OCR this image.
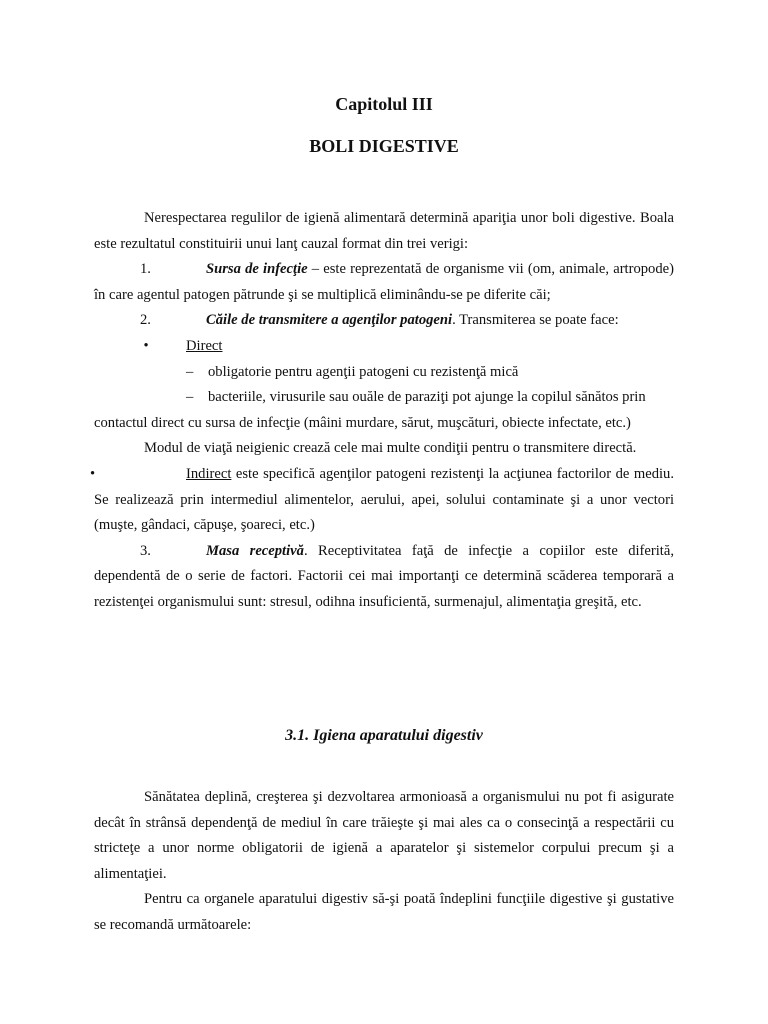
Capitolul III
BOLI DIGESTIVE

Nerespectarea regulilor de igienă alimentară determină apariţia unor boli digestive. Boala este rezultatul constituirii unui lanţ cauzal format din trei verigi:

1.	Sursa de infecţie – este reprezentată de organisme vii (om, animale, artropode) în care agentul patogen pătrunde şi se multiplică eliminându-se pe diferite căi;

2.	Căile de transmitere a agenţilor patogeni. Transmiterea se poate face:

•	Direct

– obligatorie pentru agenţii patogeni cu rezistenţă mică

– bacteriile, virusurile sau ouăle de paraziţi pot ajunge la copilul sănătos prin

contactul direct cu sursa de infecţie (mâini murdare, sărut, muşcături, obiecte infectate, etc.)

Modul de viaţă neigienic crează cele mai multe condiţii pentru o transmitere directă.

•	Indirect este specifică agenţilor patogeni rezistenţi la acţiunea factorilor de mediu. Se realizează prin intermediul alimentelor, aerului, apei, solului contaminate şi a unor vectori (muşte, gândaci, căpuşe, şoareci, etc.)

3.	Masa receptivă. Receptivitatea faţă de infecţie a copiilor este diferită, dependentă de o serie de factori. Factorii cei mai importanţi ce determină scăderea temporară a rezistenţei organismului sunt: stresul, odihna insuficientă, surmenajul, alimentaţia greşită, etc.

3.1. Igiena aparatului digestiv

Sănătatea deplină, creşterea şi dezvoltarea armonioasă a organismului nu pot fi asigurate decât în strânsă dependenţă de mediul în care trăieşte şi mai ales ca o consecinţă a respectării cu stricteţe a unor norme obligatorii de igienă a aparatelor şi sistemelor corpului precum şi a alimentaţiei.

Pentru ca organele aparatului digestiv să-şi poată îndeplini funcţiile digestive şi gustative se recomandă următoarele:
